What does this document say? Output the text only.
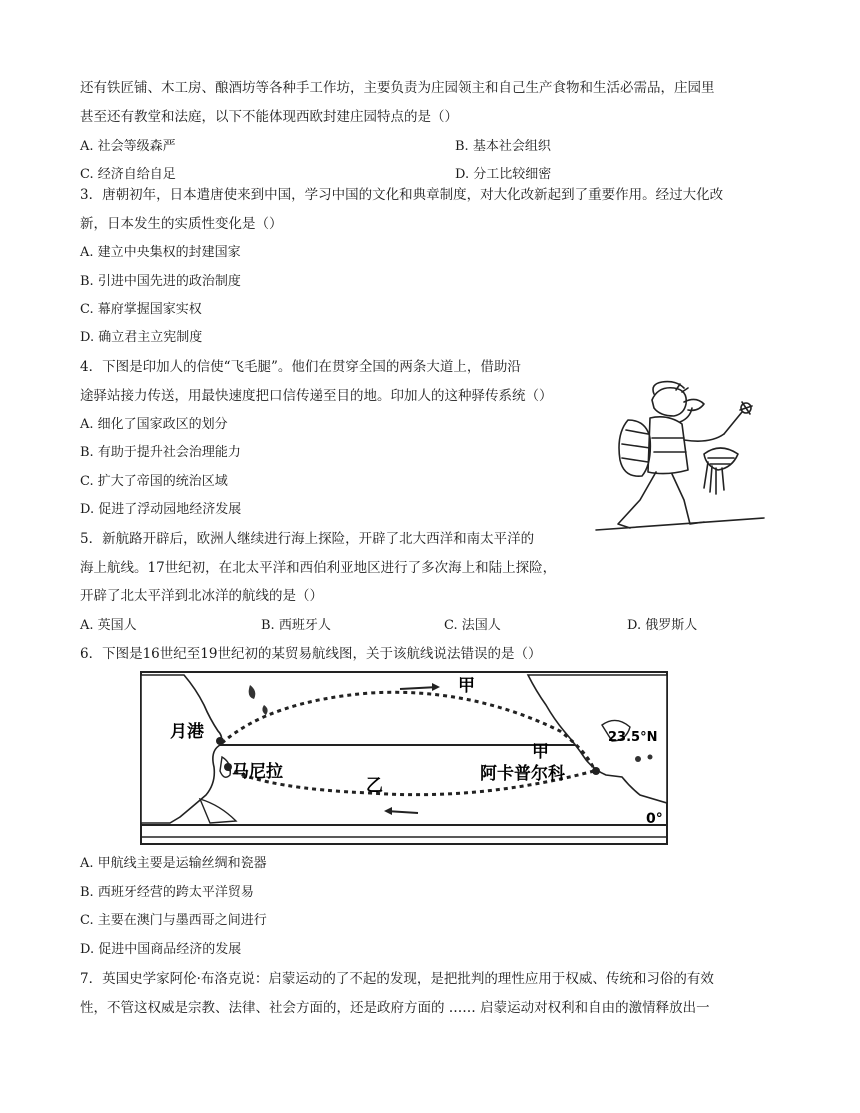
还有铁匠铺、木工房、酿酒坊等各种手工作坊，主要负责为庄园领主和自己生产食物和生活必需品，庄园里
甚至还有教堂和法庭，以下不能体现西欧封建庄园特点的是（）
A. 社会等级森严	B. 基本社会组织
C. 经济自给自足	D. 分工比较细密
3．唐朝初年，日本遣唐使来到中国，学习中国的文化和典章制度，对大化改新起到了重要作用。经过大化改
新，日本发生的实质性变化是（）
A. 建立中央集权的封建国家
B. 引进中国先进的政治制度
C. 幕府掌握国家实权
D. 确立君主立宪制度
4．下图是印加人的信使“飞毛腿”。他们在贯穿全国的两条大道上，借助沿
途驿站接力传送，用最快速度把口信传递至目的地。印加人的这种驿传系统（）
A. 细化了国家政区的划分
B. 有助于提升社会治理能力
C. 扩大了帝国的统治区域
D. 促进了浮动园地经济发展
5．新航路开辟后，欧洲人继续进行海上探险，开辟了北大西洋和南太平洋的
海上航线。17世纪初，在北太平洋和西伯利亚地区进行了多次海上和陆上探险，
开辟了北太平洋到北冰洋的航线的是（）
A. 英国人	B. 西班牙人	C. 法国人	D. 俄罗斯人
6．下图是16世纪至19世纪初的某贸易航线图，关于该航线说法错误的是（）
月港
马尼拉
甲
甲
乙
阿卡普尔科
23.5°N
0°
A. 甲航线主要是运输丝绸和瓷器
B. 西班牙经营的跨太平洋贸易
C. 主要在澳门与墨西哥之间进行
D. 促进中国商品经济的发展
7．英国史学家阿伦·布洛克说：启蒙运动的了不起的发现，是把批判的理性应用于权威、传统和习俗的有效
性，不管这权威是宗教、法律、社会方面的，还是政府方面的 …… 启蒙运动对权利和自由的激情释放出一
